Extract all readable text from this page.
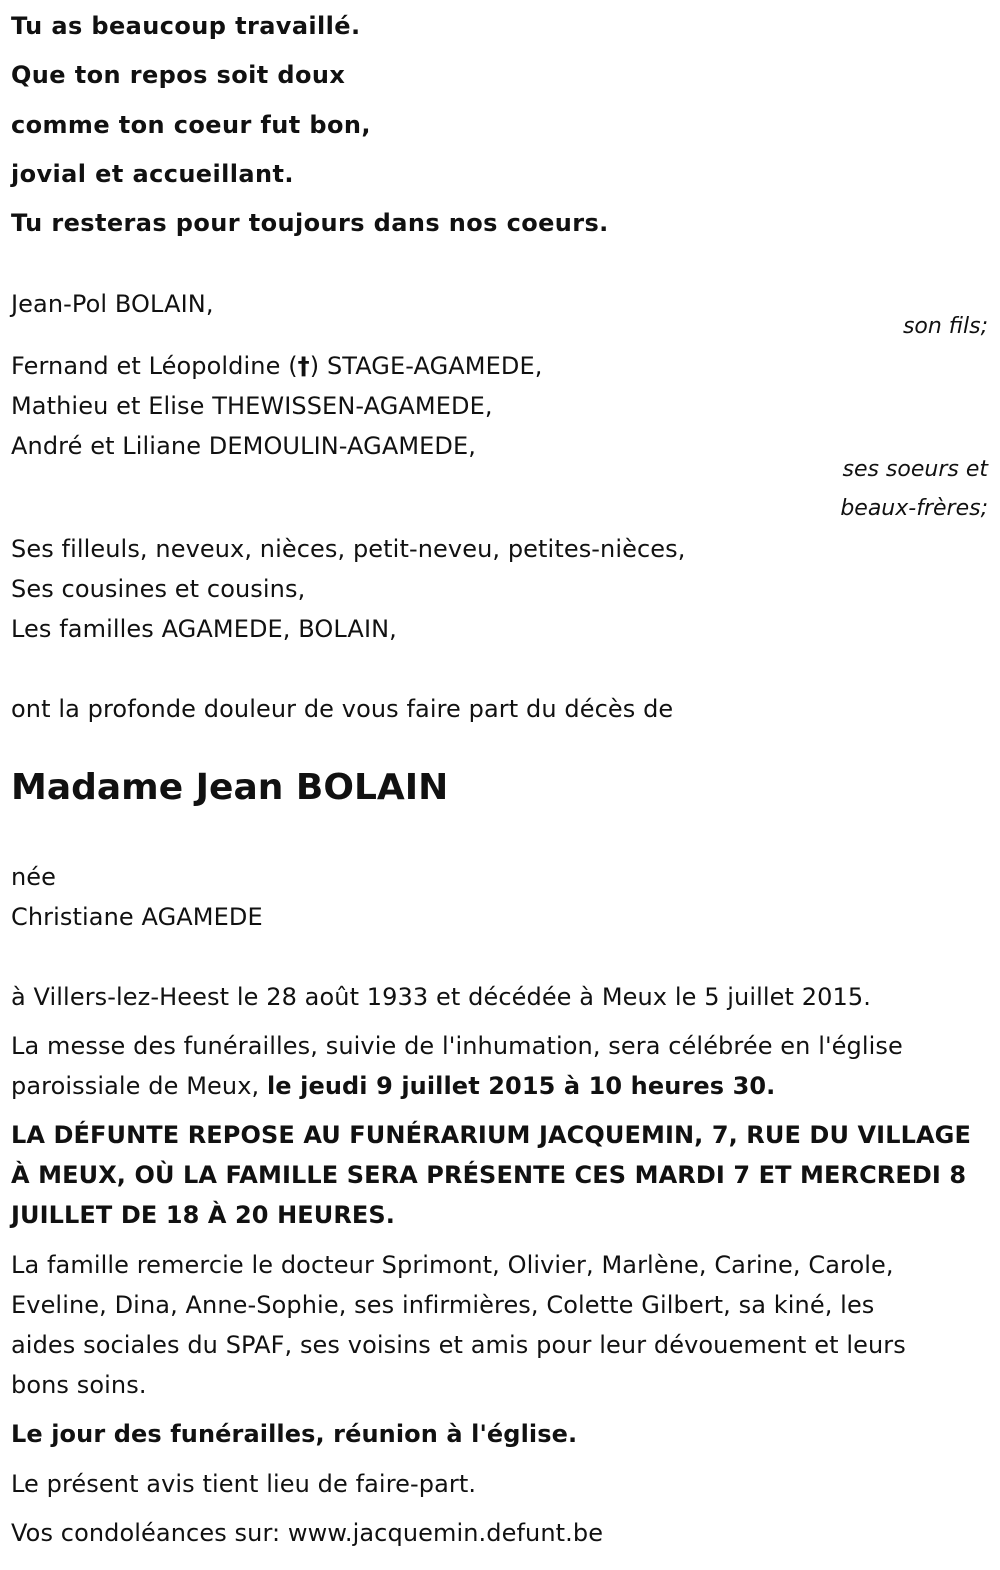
Tu as beaucoup travaillé.
Que ton repos soit doux
comme ton coeur fut bon,
jovial et accueillant.
Tu resteras pour toujours dans nos coeurs.
Jean-Pol BOLAIN,
son fils;
Fernand et Léopoldine (†) STAGE-AGAMEDE,
Mathieu et Elise THEWISSEN-AGAMEDE,
André et Liliane DEMOULIN-AGAMEDE,
ses soeurs et
beaux-frères;
Ses filleuls, neveux, nièces, petit-neveu, petites-nièces,
Ses cousines et cousins,
Les familles AGAMEDE, BOLAIN,
ont la profonde douleur de vous faire part du décès de
Madame Jean BOLAIN
née
Christiane AGAMEDE
à Villers-lez-Heest le 28 août 1933 et décédée à Meux le 5 juillet 2015.
La messe des funérailles, suivie de l'inhumation, sera célébrée en l'église
paroissiale de Meux, le jeudi 9 juillet 2015 à 10 heures 30.
LA DÉFUNTE REPOSE AU FUNÉRARIUM JACQUEMIN, 7, RUE DU VILLAGE
À MEUX, OÙ LA FAMILLE SERA PRÉSENTE CES MARDI 7 ET MERCREDI 8
JUILLET DE 18 À 20 HEURES.
La famille remercie le docteur Sprimont, Olivier, Marlène, Carine, Carole,
Eveline, Dina, Anne-Sophie, ses infirmières, Colette Gilbert, sa kiné, les
aides sociales du SPAF, ses voisins et amis pour leur dévouement et leurs
bons soins.
Le jour des funérailles, réunion à l'église.
Le présent avis tient lieu de faire-part.
Vos condoléances sur: www.jacquemin.defunt.be
